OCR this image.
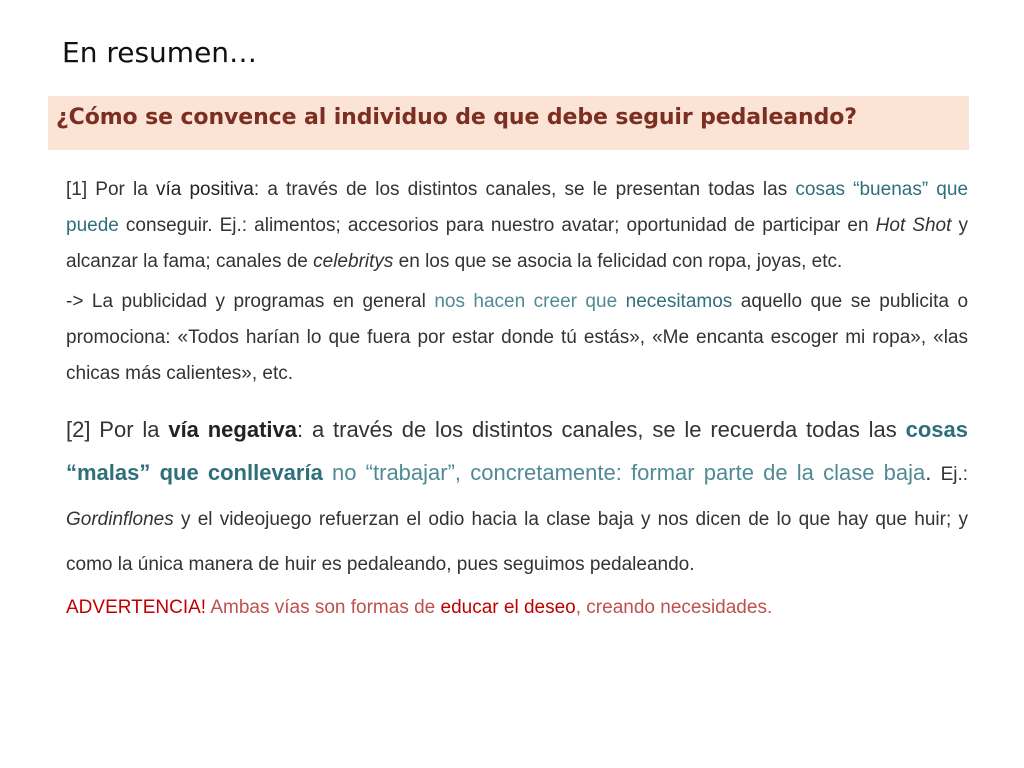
En resumen…
¿Cómo se convence al individuo de que debe seguir pedaleando?

[1] Por la vía positiva: a través de los distintos canales, se le presentan todas las cosas “buenas” que puede conseguir. Ej.: alimentos; accesorios para nuestro avatar; oportunidad de participar en Hot Shot y alcanzar la fama; canales de celebritys en los que se asocia la felicidad con ropa, joyas, etc.

-> La publicidad y programas en general nos hacen creer que necesitamos aquello que se publicita o promociona: «Todos harían lo que fuera por estar donde tú estás», «Me encanta escoger mi ropa», «las chicas más calientes», etc.

[2] Por la vía negativa: a través de los distintos canales, se le recuerda todas las cosas “malas” que conllevaría no “trabajar”, concretamente: formar parte de la clase baja. Ej.: Gordinflones y el videojuego refuerzan el odio hacia la clase baja y nos dicen de lo que hay que huir; y como la única manera de huir es pedaleando, pues seguimos pedaleando.

ADVERTENCIA! Ambas vías son formas de educar el deseo, creando necesidades.
